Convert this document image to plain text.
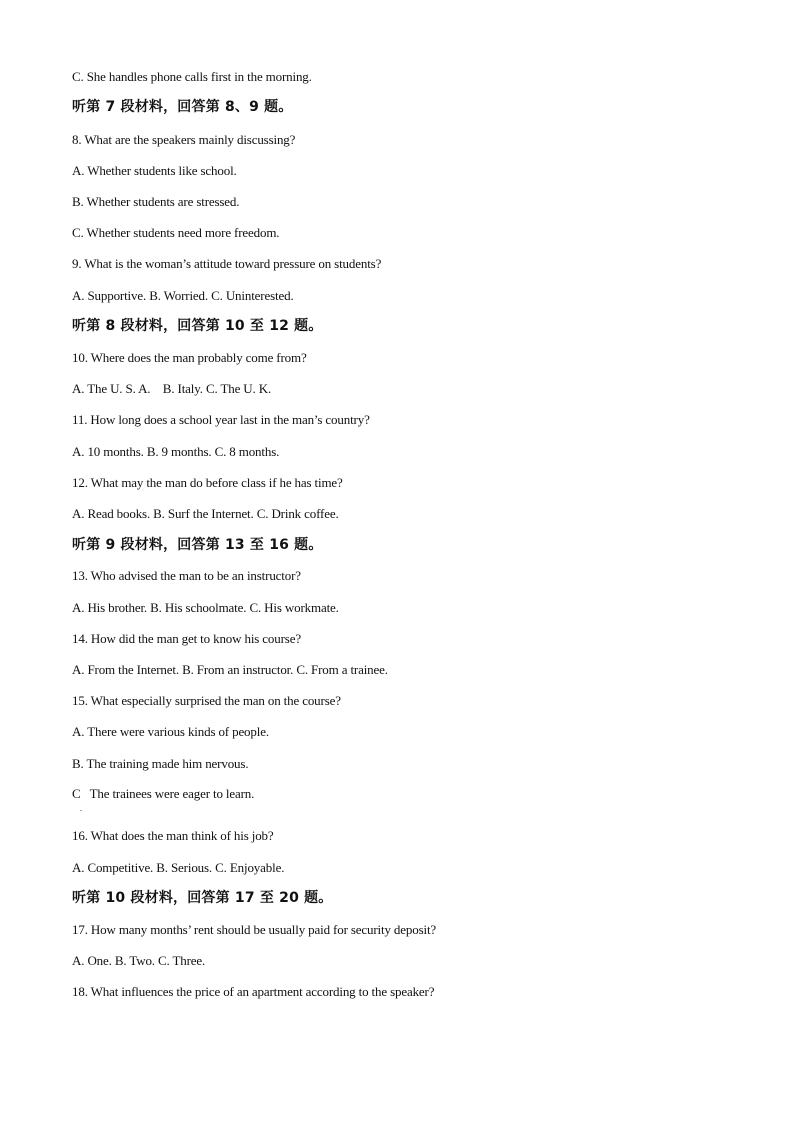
C. She handles phone calls first in the morning.
听第 7 段材料，回答第 8、9 题。
8. What are the speakers mainly discussing?
A. Whether students like school.
B. Whether students are stressed.
C. Whether students need more freedom.
9. What is the woman’s attitude toward pressure on students?
A. Supportive. B. Worried. C. Uninterested.
听第 8 段材料，回答第 10 至 12 题。
10. Where does the man probably come from?
A. The U. S. A.    B. Italy. C. The U. K.
11. How long does a school year last in the man’s country?
A. 10 months. B. 9 months. C. 8 months.
12. What may the man do before class if he has time?
A. Read books. B. Surf the Internet. C. Drink coffee.
听第 9 段材料，回答第 13 至 16 题。
13. Who advised the man to be an instructor?
A. His brother. B. His schoolmate. C. His workmate.
14. How did the man get to know his course?
A. From the Internet. B. From an instructor. C. From a trainee.
15. What especially surprised the man on the course?
A. There were various kinds of people.
B. The training made him nervous.
C   The trainees were eager to learn.
.
16. What does the man think of his job?
A. Competitive. B. Serious. C. Enjoyable.
听第 10 段材料，回答第 17 至 20 题。
17. How many months’ rent should be usually paid for security deposit?
A. One. B. Two. C. Three.
18. What influences the price of an apartment according to the speaker?
